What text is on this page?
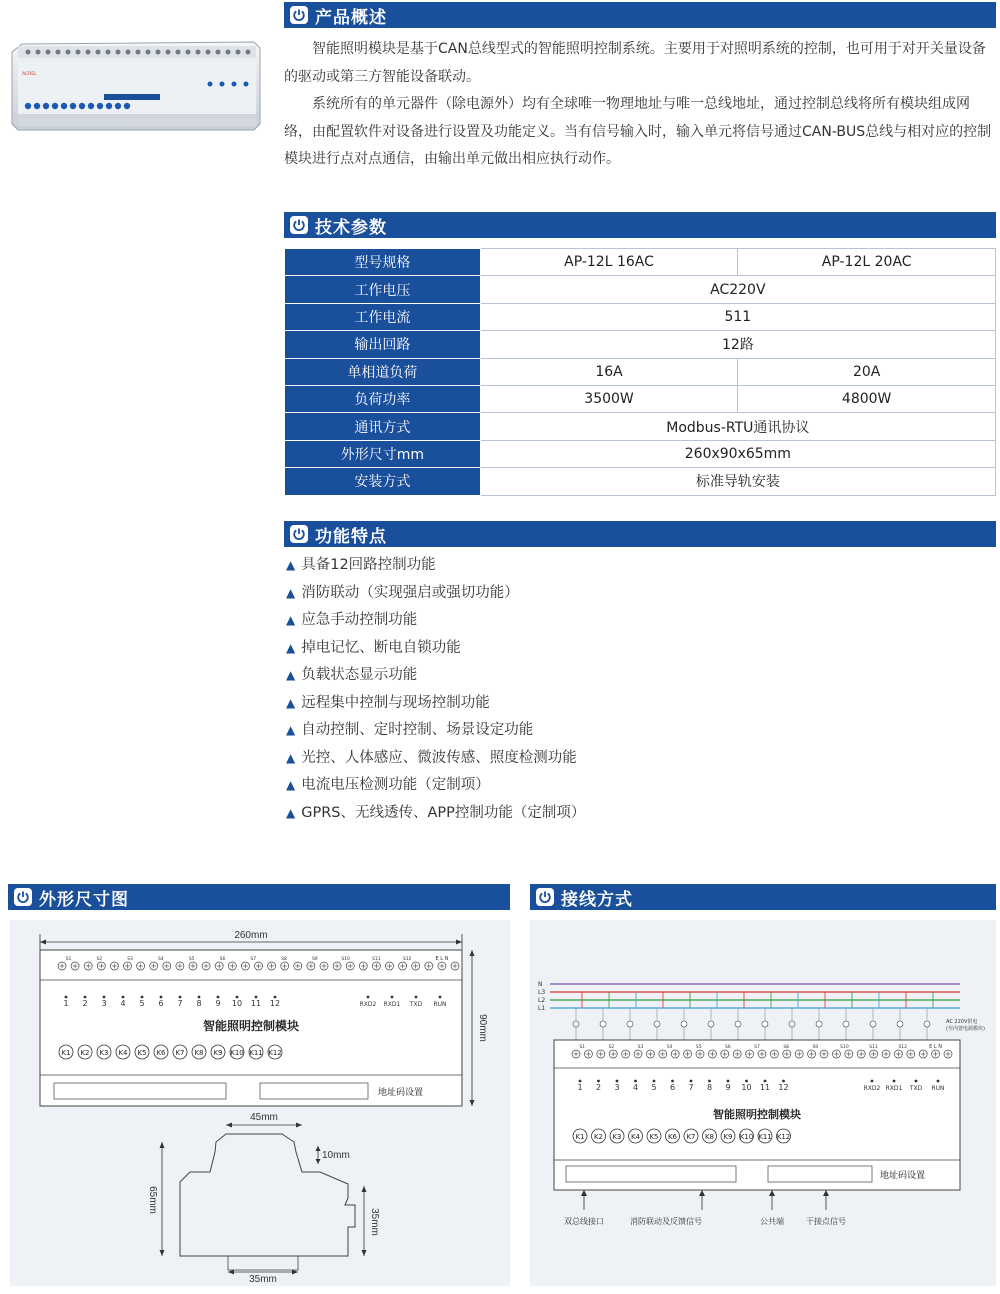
ACREL
产品概述

智能照明模块是基于CAN总线型式的智能照明控制系统。主要用于对照明系统的控制，也可用于对开关量设备的驱动或第三方智能设备联动。

系统所有的单元器件（除电源外）均有全球唯一物理地址与唯一总线地址，通过控制总线将所有模块组成网络，由配置软件对设备进行设置及功能定义。当有信号输入时，输入单元将信号通过CAN-BUS总线与相对应的控制模块进行点对点通信，由输出单元做出相应执行动作。

技术参数
型号规格	AP-12L 16AC	AP-12L 20AC
工作电压	AC220V	
工作电流	511	
输出回路	12路	
单相道负荷	16A	20A
负荷功率	3500W	4800W
通讯方式	Modbus-RTU通讯协议	
外形尺寸mm	260x90x65mm	
安装方式	标准导轨安装	
功能特点
▲ 具备12回路控制功能
▲ 消防联动（实现强启或强切功能）
▲ 应急手动控制功能
▲ 掉电记忆、断电自锁功能
▲ 负载状态显示功能
▲ 远程集中控制与现场控制功能
▲ 自动控制、定时控制、场景设定功能
▲ 光控、人体感应、微波传感、照度检测功能
▲ 电流电压检测功能（定制项）
▲ GPRS、无线透传、APP控制功能（定制项）
外形尺寸图
260mm
S1	S2	S3	S4	S5	S6	S7	S8	S9	S10	S11	S12	E L N
1 2 3 4 5 6 7 8 9 10 11 12	RXD2 RXD1 TXD RUN
智能照明控制模块
K1 K2 K3 K4 K5 K6 K7 K8 K9 K10 K11 K12
地址码设置
90mm
45mm
10mm
65mm
35mm
35mm
接线方式
N
L3
L2
L1
AC 220V供电
(至内置电源模块)
S1	S2	S3	S4	S5	S6	S7	S8	S9	S10	S11	S12	E L N
1 2 3 4 5 6 7 8 9 10 11 12	RXD2 RXD1 TXD RUN
智能照明控制模块
K1 K2 K3 K4 K5 K6 K7 K8 K9 K10 K11 K12
地址码设置
双总线接口	消防联动及反馈信号	公共端	干接点信号
